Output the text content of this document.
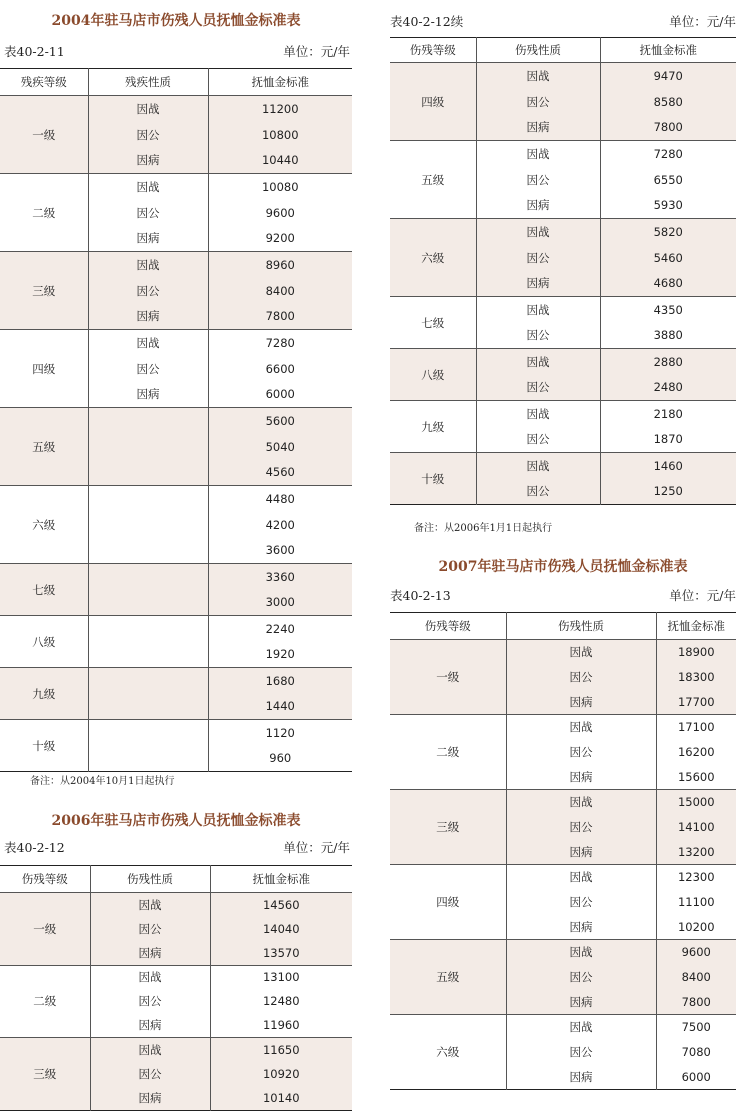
2004年驻马店市伤残人员抚恤金标准表
表40-2-11	单位：元/年
残疾等级	残疾性质	抚恤金标准
一级	因战	11200
	因公	10800
	因病	10440
二级	因战	10080
	因公	9600
	因病	9200
三级	因战	8960
	因公	8400
	因病	7800
四级	因战	7280
	因公	6600
	因病	6000
五级		5600
		5040
		4560
六级		4480
		4200
		3600
七级		3360
		3000
八级		2240
		1920
九级		1680
		1440
十级		1120
		960
备注：从2004年10月1日起执行
2006年驻马店市伤残人员抚恤金标准表
表40-2-12	单位：元/年
伤残等级	伤残性质	抚恤金标准
一级	因战	14560
	因公	14040
	因病	13570
二级	因战	13100
	因公	12480
	因病	11960
三级	因战	11650
	因公	10920
	因病	10140
表40-2-12续	单位：元/年
伤残等级	伤残性质	抚恤金标准
四级	因战	9470
	因公	8580
	因病	7800
五级	因战	7280
	因公	6550
	因病	5930
六级	因战	5820
	因公	5460
	因病	4680
七级	因战	4350
	因公	3880
八级	因战	2880
	因公	2480
九级	因战	2180
	因公	1870
十级	因战	1460
	因公	1250
备注：从2006年1月1日起执行
2007年驻马店市伤残人员抚恤金标准表
表40-2-13	单位：元/年
伤残等级	伤残性质	抚恤金标准
一级	因战	18900
	因公	18300
	因病	17700
二级	因战	17100
	因公	16200
	因病	15600
三级	因战	15000
	因公	14100
	因病	13200
四级	因战	12300
	因公	11100
	因病	10200
五级	因战	9600
	因公	8400
	因病	7800
六级	因战	7500
	因公	7080
	因病	6000
